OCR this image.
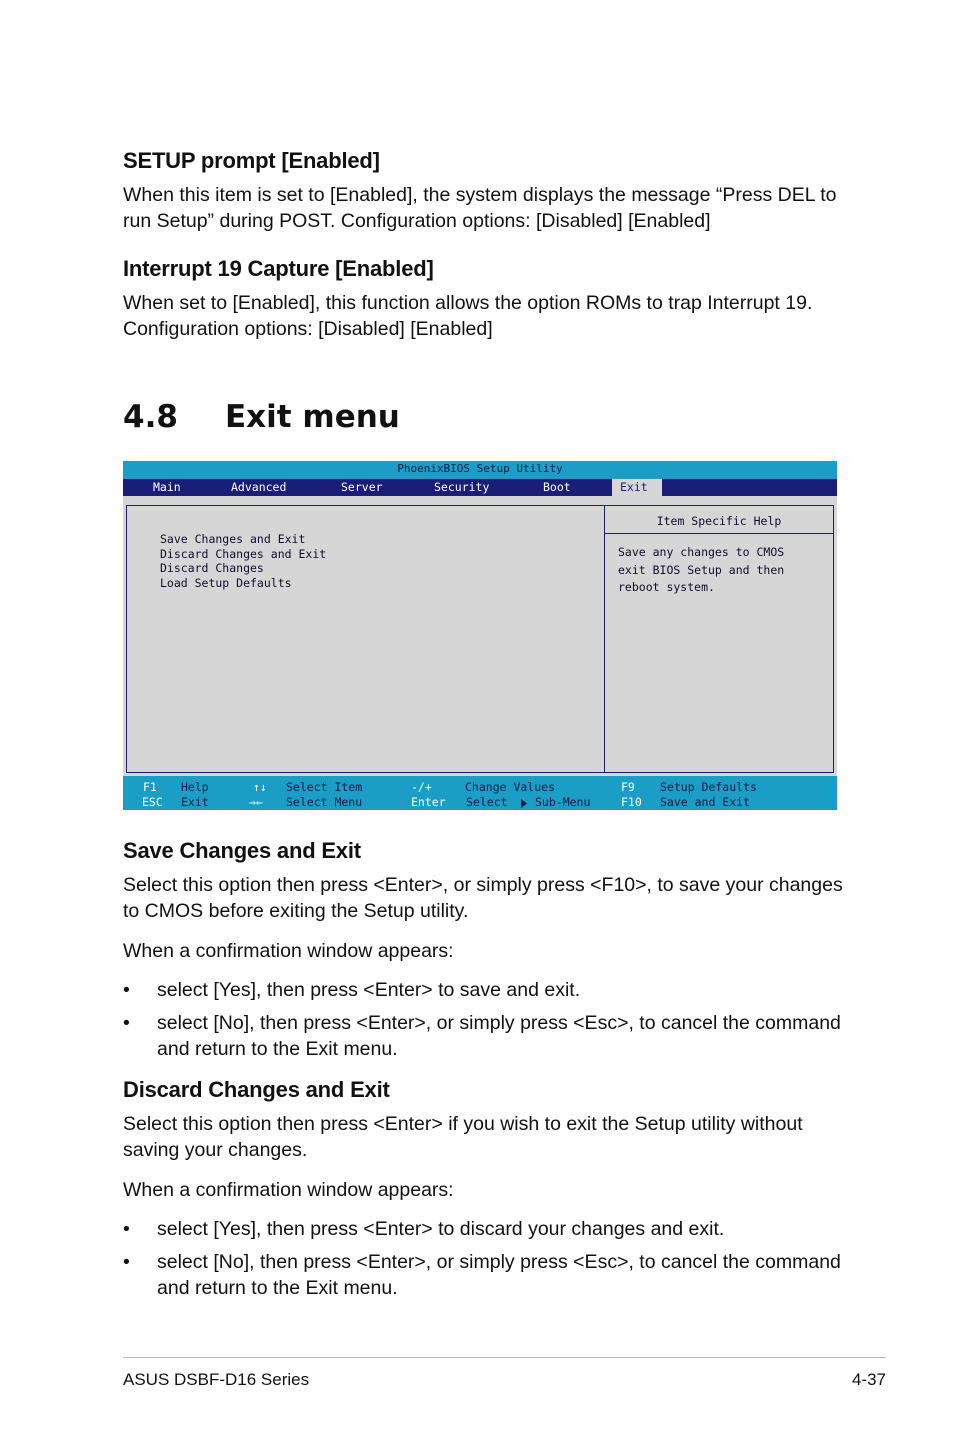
SETUP prompt [Enabled]
When this item is set to [Enabled], the system displays the message “Press DEL to
run Setup” during POST. Configuration options: [Disabled] [Enabled]
Interrupt 19 Capture [Enabled]
When set to [Enabled], this function allows the option ROMs to trap Interrupt 19.
Configuration options: [Disabled] [Enabled]
4.8 Exit menu
PhoenixBIOS Setup Utility
Main	Advanced	Server	Security	Boot	Exit
Save Changes and Exit
Discard Changes and Exit
Discard Changes
Load Setup Defaults
Item Specific Help
Save any changes to CMOS
exit BIOS Setup and then
reboot system.
F1 Help
ESC Exit
↑↓ Select Item
→← Select Menu
-/+	Change Values
Enter Select Sub-Menu
F9 Setup Defaults
F10 Save and Exit
Save Changes and Exit
Select this option then press <Enter>, or simply press <F10>, to save your changes
to CMOS before exiting the Setup utility.
When a confirmation window appears:
• select [Yes], then press <Enter> to save and exit.
• select [No], then press <Enter>, or simply press <Esc>, to cancel the command
and return to the Exit menu.
Discard Changes and Exit
Select this option then press <Enter> if you wish to exit the Setup utility without
saving your changes.
When a confirmation window appears:
• select [Yes], then press <Enter> to discard your changes and exit.
• select [No], then press <Enter>, or simply press <Esc>, to cancel the command
and return to the Exit menu.
ASUS DSBF-D16 Series	4-37
